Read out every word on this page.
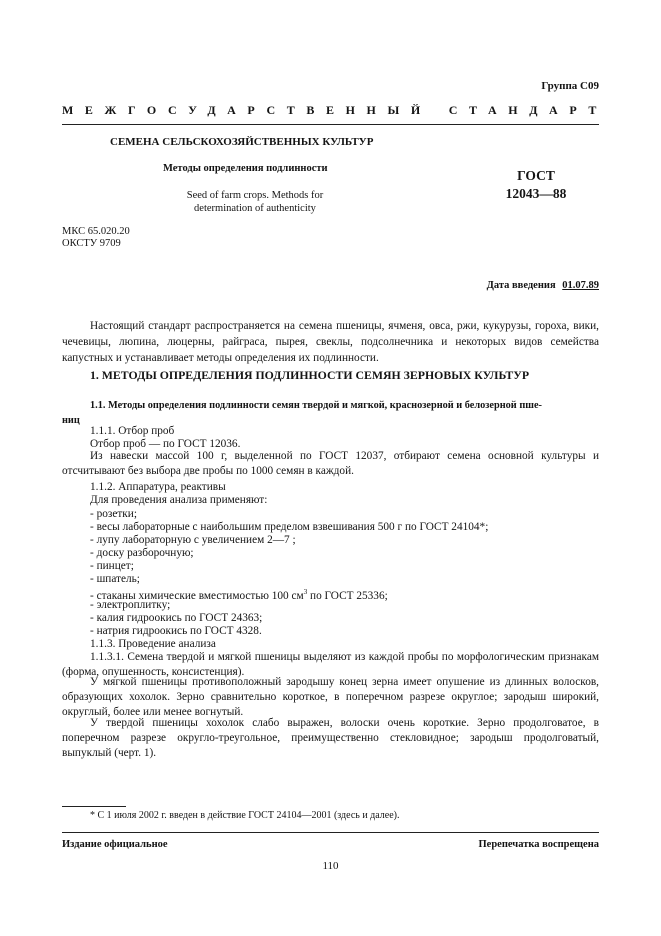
Группа С09
МЕЖГОСУДАРСТВЕННЫЙ СТАНДАРТ
СЕМЕНА СЕЛЬСКОХОЗЯЙСТВЕННЫХ КУЛЬТУР
Методы определения подлинности
Seed of farm crops. Methods for
determination of authenticity
ГОСТ
12043—88
МКС 65.020.20
ОКСТУ 9709
Дата введения 01.07.89
Настоящий стандарт распространяется на семена пшеницы, ячменя, овса, ржи, кукурузы, гороха, вики, чечевицы, люпина, люцерны, райграса, пырея, свеклы, подсолнечника и некоторых видов семейства капустных и устанавливает методы определения их подлинности.
1. МЕТОДЫ ОПРЕДЕЛЕНИЯ ПОДЛИННОСТИ СЕМЯН ЗЕРНОВЫХ КУЛЬТУР
1.1. Методы определения подлинности семян твердой и мягкой, краснозерной и белозерной пше-
ниц
1.1.1. Отбор проб
Отбор проб — по ГОСТ 12036.
Из навески массой 100 г, выделенной по ГОСТ 12037, отбирают семена основной культуры и отсчитывают без выбора две пробы по 1000 семян в каждой.
1.1.2. Аппаратура, реактивы
Для проведения анализа применяют:
- розетки;
- весы лабораторные с наибольшим пределом взвешивания 500 г по ГОСТ 24104*;
- лупу лабораторную с увеличением 2—7 ;
- доску разборочную;
- пинцет;
- шпатель;
- стаканы химические вместимостью 100 $см^3$ по ГОСТ 25336;
- электроплитку;
- калия гидроокись по ГОСТ 24363;
- натрия гидроокись по ГОСТ 4328.
1.1.3. Проведение анализа
1.1.3.1. Семена твердой и мягкой пшеницы выделяют из каждой пробы по морфологическим признакам (форма, опушенность, консистенция).
У мягкой пшеницы противоположный зародышу конец зерна имеет опушение из длинных волосков, образующих хохолок. Зерно сравнительно короткое, в поперечном разрезе округлое; зародыш широкий, округлый, более или менее вогнутый.
У твердой пшеницы хохолок слабо выражен, волоски очень короткие. Зерно продолговатое, в поперечном разрезе округло-треугольное, преимущественно стекловидное; зародыш продолговатый, выпуклый (черт. 1).
* С 1 июля 2002 г. введен в действие ГОСТ 24104—2001 (здесь и далее).
Издание официальное	Перепечатка воспрещена
110
